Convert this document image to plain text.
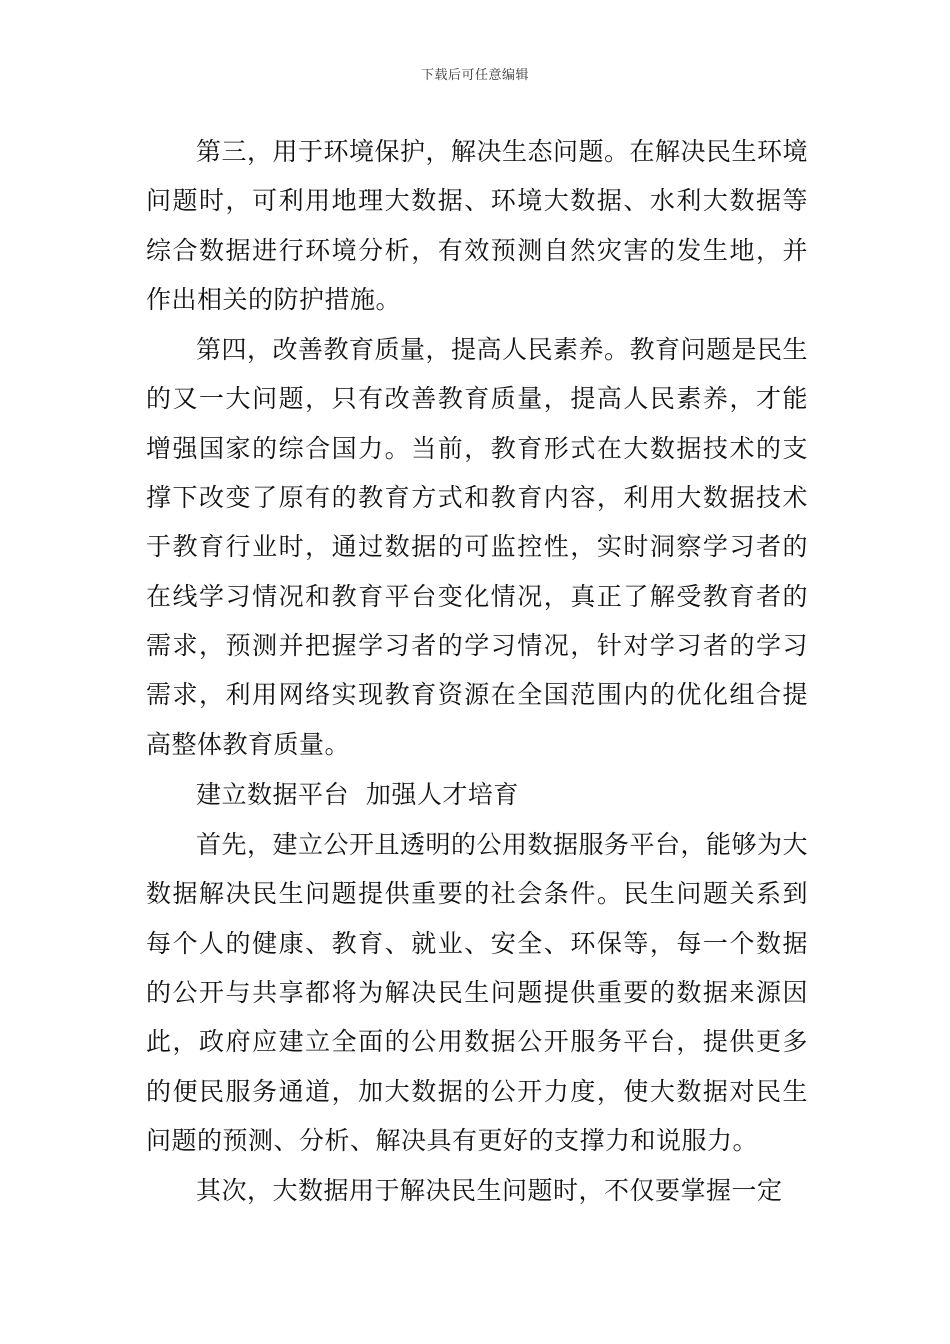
下载后可任意编辑

第三，用于环境保护，解决生态问题。在解决民生环境问题时，可利用地理大数据、环境大数据、水利大数据等综合数据进行环境分析，有效预测自然灾害的发生地，并作出相关的防护措施。

第四，改善教育质量，提高人民素养。教育问题是民生的又一大问题，只有改善教育质量，提高人民素养，才能增强国家的综合国力。当前，教育形式在大数据技术的支撑下改变了原有的教育方式和教育内容，利用大数据技术于教育行业时，通过数据的可监控性，实时洞察学习者的在线学习情况和教育平台变化情况，真正了解受教育者的需求，预测并把握学习者的学习情况，针对学习者的学习需求，利用网络实现教育资源在全国范围内的优化组合提高整体教育质量。

建立数据平台  加强人才培育

首先，建立公开且透明的公用数据服务平台，能够为大数据解决民生问题提供重要的社会条件。民生问题关系到每个人的健康、教育、就业、安全、环保等，每一个数据的公开与共享都将为解决民生问题提供重要的数据来源因此，政府应建立全面的公用数据公开服务平台，提供更多的便民服务通道，加大数据的公开力度，使大数据对民生问题的预测、分析、解决具有更好的支撑力和说服力。

其次，大数据用于解决民生问题时，不仅要掌握一定
